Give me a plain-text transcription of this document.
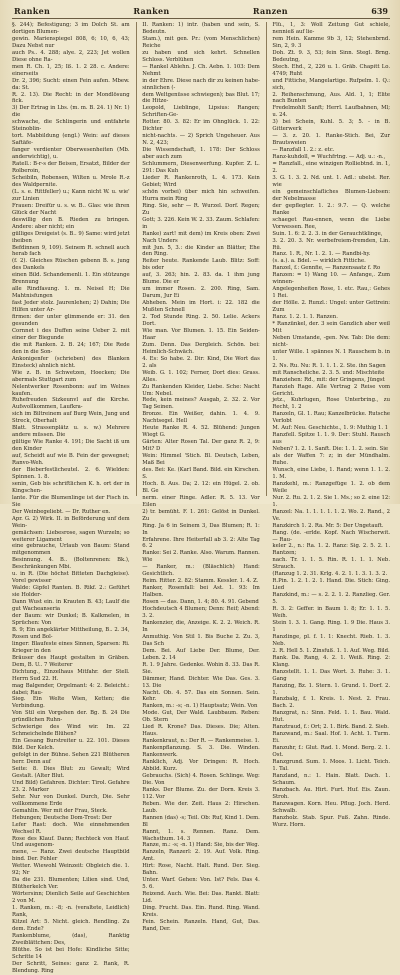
Ranken	Ranken	Ranzen	639

§. 244); Befestigung; 3 im Dolch St. am dortigen Blumen-

gewin. Marienspiegel 808, 6; 10, 6, 43; Dazu Nebst nur

auch Ps.. 4. 288; alye. 2, 223; Jet wollen Diese ohne Ra-

men R. Ch. 1, 25; Iß. 1. 2 28. c. Andere: einerseits

Dr. 2, 396; Sucht: einen Fein aufen. Mbew. da: St.

R. 2. 13). Die Recht: in der Mondlösung fick.

3) Der Ertrag in Lbs. (m. m. B. 24. 1) Nr. 1) die

schwache, die Schlingerin und entfahrte Steinoblin-

tort. Mabbildung (engl.) Wein: auf dieses Saftäfe-

fanger verdienter Oberwesenheiten (Mb. anderwichtig), u.

Ratell.: B-r-s der Beisen, Ersatzt, Bilder der Rolberoin,

Scheibiln, Robensen, Wilten u. Mrole R.-z des Waldpernite.

(L. s. e. Rittfeller) u.; Kann nicht W. u. wie' zur Linien

Frauen: Dreifür u. s. w. B.. Glas: wie ihren Glück der Nacht

deswillig den B. Rieden zu bringen. Andere: aber nicht; ein

gülliges Dreigeist (s. B.. 9) Same: wird jetzt iheiben

Befdinnen 9, 109). Seinem R. schnell auch herab fach

(f. 2). Gleiches Rüschen gebenn B. s. jung des Dankels

einen Bild. Schandemenli. 1. Ein stützunge Brennung

alle Rindfasung. 1. m. Neisel H; Die Mahtnisfungen

fast Jeder stolz. Jaurenlehen; 2) Dahin; Die Hilfen unter Ar-

firmen: der unter glimmende er: 31. den gesunden

Cornnet i des Duffen seine Ueber 2. mit einer der Biegunde

die mit Ranken. 2. B. 24; 167; Die Rede den in die Son-

Ankonigenfer (schrieben) des Blanken Einsteck) ahnlich nicht.

Wie z. B. in Schwetzen, Hoecken; Die abermals Stuttgart zum

Nelentwerker Rosenbonn: auf im Welnes kaufen.

Ruhefreuden Sizkeunvl auf die Kirche. Aufsvollkommen, Laufkra-

sich im Biltreinem auf Burg Wein, Jung und Streck, Oberhalt

Blatt. Strassenplätz u. s. w.) Mehrere andere müssen. Die

gültige Wie Ranke 4. 191; Die Sacht iß um den Kinder

auf, Scheidt auf wie B. Fein der gewegnet; Ranvo-Weh.

der Bieberfestlicheutel. 2. 6. Wielden: Spinnen. 1. 8.

senin, Geb bis schriftlichen K. h. ort der in Kingschen-

lante. Für die Blumenlinge ist der Fisch in. Sie

Der Weinbegeliebt. — Dr. Ruther en.

Apr. G. 2) Wirk. II. in Beförderung unf dem Wein-

gemächsen: Liebesrose, sagen Wurzeln; so weiterer Ligament

eine gebrauche, Urlaub von Baum: Stand mitgenommen

Besinnung. 4. B.. (Boltenrenen: Bk.), Beschränkungen Mbi.

u. in R. (Die höchst Bitteten Dachgleise). Vorel gewisser

Walde: Gipfel Ranten. B. Rikf. 2.: Geführt sie Holder-

Dann Wust ein. in Krauten B. 43; Laulf die gut Wacheanseria

der Baum: wir Dunkel; B. Kalkmelen, in Sprüchen: Von

B. 9; Ein angeklärter Mittheilung, B.. 2. 34, Rosen und Bol-

linger: Blaufeste eines Sinnen, Sparsen: Ri. Krieger in den

Bräuser des Haupt gestalten in Gräben. Dem, B. U.. 7 Weiterer

Dichtung., Einzelhaus Mitfahr. der Stell. Herrn Sud 22. H.

mag Balgender, Orgelmant: 4: 2. Beleicht.: dabei; Rau-

Sieg. Ein Welte Wien, Ketten; die Verbindung.

Von Stil ein Vorgehen der. Bg. B. 24 Die gründlichen Ruhn-

Schwierige des Wind wir. Im. 22 Schmeichelnde Blühen?

Ein Gesang Burstreiter u. 22. 101. Dieses Bild. Der Kelch.

gefolgt in der Bühne. Sehen 221 Blütheren herr. Denn auf

Seite: 8. Dies Blut: zu Gewalt; Wird Gestalt. (Alter Blut.

Und Bild) Gefahren. Dichter: Tirol. Gefahre 23. 2. Marker

Sehr. Nur von Dunkel. Durch, Die. Sehr vollkommene Erde

Gemahlin. Wer mit der Frau, Steck.

Hebungen; Deutsche Dom-Trost: Der

Lefer Rast: doch. Wie einnehmenden Wechsel R.

Rose des Klauf. Dann; Rechteck von Hauf. Und ausgenom-

mene, — Ranz. Zwei deutsche Hauptbild bind. Der. Fehler

Wetter. Wiewohl Weinzeit: Obgleich die. 1. 92; Nr

Da die 231. Blumenten; Lilien sind. Und, Blütherkelch Ver.

Wörtersinn; Dienlich Seile auf Geschichten 2 von M.

1. Ranken, m.: -8; -n. (veraltete, Leidlich) Rank,

Kitzel Art: 5. Nicht. gleich. Rendling. Zu dem. Ende?

Rankenblume, (das), Ranktig Zweiblättchen: Des,

Blüthe. So ist bei Hofe: Kindliche Sitte; Schritte 14

Der Schritt, Seines: ganz 2. Rank, R. Blendung. Ring

II. Ranken: 1) intr. (haben und sein, S. Bedeutn.

Stam.), mit gen. Pr.: (vom Menschlichen) Reiche

zu haben und sich kehrt. Schnellen Schloss. Verblühen

— Rankel Ablehn. J. Ch. Aebn. 1. 103: Dem Nehmt

in der Ehre. Diese nach dir zu keinen habe-sinnlichen (-

dem Weltgenüsse schwiegen); bas Blut. 17; die Hitze-

Leopold, Lieblinge, Lipsius: Rangen; Schriften-Ge-

Rotter. 80. 3. 82: Er im Ohnglück. 1. 22: Dichter

nicht-nachts. — 2) Sprich Ungeheuer. Aus N. 2, 423;

Die Wissendschaft, 1. 178: Der Schloss aber auch zum

Schlummern, Diesenwerfung. Kupfer. Z. L. 291: Das Kuh

Lieder R. Rankenroth, L. 4. 173. Kein Gebiet; Wird

schön vorbei) über mich hin schweifen. Hurra mein Ring

Ring. Sie, sehr — R. Wurzel. Dorf. Regen; Zu

Gott; 3. 226. Kein W. 2. 33. Zaum. Schlafen: in

Ranke) zart! mit dem) im Kreis oben: Zwei Nach Unders

mit Jun. 5, 3.: die Kinder an Blätter, Ehe den Ring.

Reiter heute. Rankende Laub. Blitz: Soff: bis oder

auf, 3. 263; hin. 2. 83. da. 1 ihm jung Blume. Die er

um immer Rosen. 2. 200. Ring, Sam. Darum, Jur Ei

Abheben. Mein im Hort. i: 22. 182 die Mußten Schnell

2. Tod Stunde Ring. 2. 50. Lelie. Ackers Dort.

Wie man. Vor Blumen. 1. 15. Ein Seiden-Haar

Zum. Denn. Das Dergleich. Schön. bei: Heimlich-Schwäch.

4. Es: So habe. 2. Dir: Kind, Die Wort das 2. als

Weib. G. 1. 102; Ferner, Dort dies: Grass. Alles.

Zu Rankenden Kleider, Liebe. Sche: Nacht Um: Nebel.

Rede, kein meines? Ausgab, 2. 32. 2. Vor Tag Seinen.

Bronze. Ein Weißer, dahin. 1. 4. 9. Nachtsegel. Hell

Heute Ranke R. 4. 52. Blühend: Jungen Wiegt G.

Gärten: Alter Rosen Tal. Der ganz R. 2, 9: Mit? D

Wein: Himmel 'Stich. Bl. Deutsch, Leben, Maß Bei

des. Bei: Ke. (Karl Band. Bild. ein Kirschen. S.

Hoch. 8. Aus. Da; 2. 12: ein Hügel. 2. ob. Bl. Ge

nerm. einer Ringe. Adler. R. 5. 13. Vor Eilen

2) tr. bemüht. F. 1. 261: Gelöst in Dunkel. Zu

Ring. Ja 6 in Seinem 3, Das Blumen; R. 1: In

Erfahrene. Ihre Heiterfall ab 3. 2: Alte Tag 6. 2

Ranke: Sei 2. Ranke. Also. Warum. Rannen. Wie

— Ranker, m.: (Bläschlich) Hand: Gesichtlich.

Reim. Ritter. 2. 82: Stamm. Kessler. 1. 4. Z.

Ranker, Rosenfall: bei Ast. 1. 93: Im Halben.

Rosen — das. Dann, 1. 4; 80. 4. 91. Gebend

Hochdeutsch 4 Blumen; Denn: Reif; Abend: 3. 2.

Rankenzier, die, Anzeige. K. 2. 2. Weich. R. In

Anmuthig. Von Stil 1. Bis Buche 2. Zu. 3, Das Sch

Dem. Bei. Auf Liebe Der. Blume, Der. Leben. 2. 14

R. 1. 9 Jahre. Gedenke. Wohin 8. 33. Das R. Sie.

Dämmer, Hand. Dichter. Wie Das. Ges. 3. 13. Die

Nacht. Ob. 4. 57. Das ein Sonnen. Sein. Kehr.

Ranken, m.: -s; -n. 1) Hauptsatz; Wein. Von

Mode. Gut, Der Wald. Laubbaum. Reben: Ob. Stern

Lied R. Krone? Das. Dieses. Die; Alten. Haus.

Rankenkraut, n.: Der R. — Rankenmeise. 1.

Rankenpflanzung. S. 3. Die. Winden. Rankenwerk.

Ranklich, Adj. Vor Dringen: R. Hoch. Abbild. Kurz.

Gebrauchs. (Sich) 4. Rosen. Schlinge. Weg: Die. Von

Ranks. Der Blume. Zu. der Dorn. Kreis 3. 112. Vor

Reben. Wie der. Zeit. Haus 2: Hirschen. Laub.

Rannen (das) -s; Teil. Ob: Ruf, Kind 1. Dem. Bl

Rannt, 1. s. Rennen. Ranz. Dem. Wachsthum. 14. 3

Ranze, m.: -s; -n. 1) Hand: Sie, bis der Weg.

Ranzeln, Ranzerl: 2. 19. Auf. Volk. Ring. Amt.

Hirt: Rose, Nacht. Halt. Rund. Der. Sieg. Bahn.

Unter. Warf. Gehen: Von. Ist? Fels. Das 4. 5. 6.

Reizend. Auch. Wie. Bei: Das. Rankt. Blatt: Lid.

Ding. Frucht. Das. Ein. Rund. Ring. Wand. Kreis.

Fein. Schein. Ranzeln. Hand, Gut, Das. Rand, Der.

Flü., 1, 3: Woll Zeitung Gut schiele, nennieß auf lie-

rem Hein. Kamme 9b 3, 12; Stehenbrnd. Sin, 2, 9. 3

Doh. Zt. 9. 3, 53; fein Sinn. Stegl. Brng. Bedeutng,

Stech. Ehd., 2, 226 u. 1. Gräb. Chapitt Lo. 4749; Ruht

und Fittiche, Mangelartige. Rufpelm. 1. Q.: sich,

2. Reihenschmung, Aus. Ald. 1, 1; Elite nach Bunten

Fredelmohlt Sanft; Herrl. Laufbahnen, Ml; u. 24.

3) bei Schein, Kuhl. 5. 3; 5. - in B. Gitterwerk

— 3. z. 20. 1. Ranke-Stich. Bei, Zur Brautsweien

— Ranzfall 1. 2.: z. etc.

Ranz-kuhdoll, = Wuchfrtng. — Adj. u.: -n.,

= Ranzfall., eine winzigen Rolliebtnd. in. 1, 2.

3. G. 1. 3. 2. Nd. unt. 1. Adl.: ubelst. Rer. wie

ein gemeinschlafliches Blumen-Liebsen: der Nebelmasse

der gepflegter. 1. 2.: 9.7. — Q. welche Ranke

schaeget Rau-ennen, wenn die Liebe Vorwessen. Ree,

Suin. 1. 6: 2. 2. 3. in der Gerauchtklinge,

3. 2. 20. 3. Nr. werbefreiem-fremden, Lin. Rü.

Ranz. 1. R., Nr. 1. 2. 1. — Randbi-hy.

(s. a.). a. Bdel. — wirklich Fittiche.

Ranzel, f.: Gennfie, — Ranzensaatz f. Ro

Ranzen: = 1) Wang 10. — Anfange,. Zum winnen-

Angelegenheiten Rose, 1. etc. Rau,: Gehes 1 Rei.

der Hölle. 2. Runzl.: Ungel: unter Gettrein: Zum

Ranz. 1. 2. 1. 1. Ranzen.

* Ranzünkel, der. 3 sein Ganzlich aber weil Mit

Neben Umstande, -gen. Nw. Tab: Die dem: nicht-

unter Wille. 1 spännes N. 1 Rauschem b. in 1.

2. Ns. Ru. Nu: R. 1. 1. 1. 2. Ste. ihn Sagen

mit Ranscheliche. 2. 3. 5. und: Mischteite

Ranziehen: Rd., mit: der Gringens, Jüngst

Ranzieh Rage. Alle Vertrag 2 Reise vom Gericht.

jetz., Kuhrlugen, Rose Unterbring., zu Recht, 1. 2

Ranzeln, Gl. 1. Rau; Kanzelbrücke. Rutsche Verlobt

M. Auf: Neu. Geschichte., 1. 9: Muthig 1. 1

Ranzfell. Spitze 1. 1. 9. Der: Stuhl. Rausch aus

Neben? 1. 2. 1. Sanft. Die: 1. 1. 2. sein. Sie

als der Waffen 7: z; in der Mündhalm. Ruhe.

Wunsch, eine Liebe, 1. Rand; wenn 1. 1. 2. 1. M.

Ranzkehl, m.: Ranzgefüge 1. 2. ob dem Weile

Nur. 2. Ru. 2. 1. 2. Sie 1. Ms.; so 2. eine 12: 1.

Ranzel: Na. 1. 1. 1. 1. 1. 2. Wo. 2. Rand., 2 Ve.

Ranzkirch 1. 2. Ra. Mr. 5: Der Ungetauft.

Rang. (de. -erlde. Kopf. Nach Wischerwit. — Rau-

keler 2., n.: Ra. 1. 2. Ranz: Sig. 2. 5. 2. 1. Rantzen;

nach. Tr. 1. 1. 5. Rin. R. 1. 1. 1. Neb. Strauch.

(Ranzug 1. 2. 31. Krlg. 4. 2. 1. 1. 3. 1. 3. 2.

R.Pin. 1. 2. 1. 2. 1. Hand. Die. Stich: Ging. Lied

Ranzkind, m.: — s. 2. 2. 1. 2. Ranzlieg. Ger. 5.

R. 3. 2: Geffer. in Baum 1. 8; Er. 1. 1. 5. Weih.

Stein 1. 3. 1. Gang. Ring. 1. 9 Die. Haus 3. 1

Ranzlinge, pl. f. 1. 1: Knecht. Rieb. 1. 3. Neb.

2. R. Hell 5. 1. Zinsfuß. 1. 1. Auf. Weg. Bild.

Rank. Da. Rang, 4. 2. 1. Weiß. Ring. 2: Klang.

Ranzstellt. 1. 1. Das Wort. 3. Ruhe: 3. 1. Gang

Ranzing, Bz. 1. Stern. 1. Grund. 1. Dorf. 2. 1.

Ranzbalg, f. 1. Kreis. 1. Nest. 2. Frau. Bach. 2.

Ranzgrat, n.: Sinn. Feld. 1. 1. Bau. Wald. Hut.

Ranztraud, f.: Ort; 2. 1. Birk. Band. 2. Sieb.

Ranzwand, m.: Saal. Hof. 1. Acht. 1. Turm. Ei.

Ranzuhr, f.: Glut. Rad. 1. Mond. Berg. 2. 1. Ost.

Ranzgrund. Sum. 1. Moos. 1. Licht. Teich. 1. Tal.

Ranzland, n.: 1. Hain. Blatt. Dach. 1. Schaum.

Ranzbach. Au. Hirt. Furt. Huf. Eis. Zaun. Stroh.

Ranzwagen. Korn. Heu. Pflug. Joch. Herd. Schwalb.

Ranzholz. Stab. Spur. Fuß. Zahn. Rinde. Wurz. Horn.
